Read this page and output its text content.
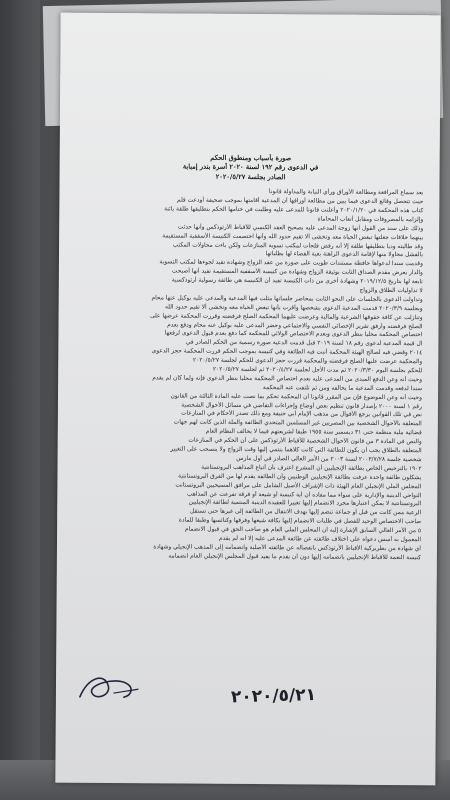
صورة بأسباب ومنطوق الحكم
في الدعوى رقم ١٩٢ لسنة ٢٠٢٠ أسرة بندر إمبابة
الصادر بجلسة ٢٠٢٠/٥/٢٧
بعد سماع المرافعة ومطالعة الأوراق ورأي النيابة والمداولة قانوناً
حيث تتحصل وقائع الدعوى فيما يبين من مطالعة أوراقها أن المدعية أقامتها بموجب صحيفة أودعت قلم
كتاب هذه المحكمة في ٢٠٢٠/١/٢٠ وأعلنت قانوناً للمدعى عليه وطلبت في ختامها الحكم بتطليقها طلقة بائنة
وإلزامه بالمصروفات ومقابل أتعاب المحاماة
وذلك على سند من القول أنها زوجة المدعى عليه بصحيح العقد الكنسي للأقباط الأرثوذكس وأنها حدثت
بينهما خلافات جعلتها تبغض الحياة معه وتخشى ألا تقيم حدود الله وأنها اختصمت الكنيسة الأسقفية المستقيمة
وقد طالبته وديا بتطليقها طلقة إلا أنه رفض فلجأت لمكتب تسوية المنازعات ولكن باءت محاولات المكتب
بالفشل محاولا منها لإقامة الدعوى الراهنة بغية القضاء لها بطلباتها
وقدمت سندا لدعواها حافظة مستندات طويت على صورة من عقد الزواج وشهادة تفيد لجوءها لمكتب التسوية
والدار يعرض مقدم الصداق الثابت بوثيقة الزواج وشهادة من كنيسة الأسقفية المستقيمة تفيد أنها أصبحت
تابعة لها بتاريخ ٢٠١٩/١٢/٥ وشهادة أخرى من ذات الكنيسة تفيد أن الكنيسة هي طائفة رسولية أرثوذكسية
لا تداوليات الطلاق والزواج
وتداولت الدعوى بالجلسات على النحو الثابت بمحاضر جلساتها مثلت فيها المدعية والمدعى عليه بوكيل عنها محام
وبجلسة ٢٠٢٠/٣/٩ قدمت المدعية الدعوى بشخصها وأقرت بأنها تبغض الحياة معه وتخشى ألا تقيم حدود الله
وتنازلت عن كافة حقوقها الشرعية والمالية وعرضت عليهما المحكمة الصلح فرفضته وقررت المحكمة عرضها على
الصلح فرفضته وأرفق تقرير الإخصائي النفسي والاجتماعي وحضر المدعى عليه بوكيل عنه محام ودفع بعدم
اختصاص المحكمة محليا بنظر الدعوى وبعدم الاختصاص الولائي للمحكمة كما دفع بعدم قبول الدعوى لرفعها
ال قيمة المدعية لدعوى رقم ١٨ لسنة ٢٠١٩ قبل قدمت الدعية صورة رسمية من الحكم الصادر في
٢٠١٤ وقضي فيه لصالح الهيئة المحكمة أنبت فيه الطائفة وفي كنيسة بموجب الحكم قررت المحكمة حجز الدعوى
والمحكمة عرضت عليها الصلح فرفضته والمحكمة قررت حجز الدعوى للحكم لجلسة ٢٠٢٠/٥/٢٧
للحكم بجلسة اليوم ٢٠٢٠/٣/٣٠ ثم مدت الأجل لجلسة ٢٠٢٠/٤/٢٧ ثم لجلسة ٢٠٢٠/٥/٢٧
وحيث أنه وعن الدفع المبدى من المدعى عليه بعدم اختصاص المحكمة محليا بنظر الدعوى فإنه ولما كان لم يقدم
سندا لدفعه وقدمت المدعية ما يخالفه ومن ثم تلتفت عنه المحكمة
وحيث أنه وعن الموضوع فإن من المقرر قانونا أن المحكمة تحكم بما نصت عليه المادة الثالثة من القانون
رقم ١ لسنة ٢٠٠٠ بإصدار قانون تنظيم بعض أوضاع وإجراءات التقاضي في مسائل الأحوال الشخصية
نص في تلك القوانين يرجع الأقوال من مذهب الإمام أبي حنيفة ومع ذلك تصدر الأحكام في المنازعات
المتعلقة بالأحوال الشخصية بين المصريين غير المسلمين المتحدي الطائفة والملة الذين كانت لهم جهات
قضائية ملية منظمة حتى ٣١ ديسمبر سنة ١٩٥٥ طبقا لشريعتهم فيما لا يخالف النظام العام
والنص في المادة ٣ من قانون الأحوال الشخصية للأقباط الأرثوذكس على أن الحكم في المنازعات
المتعلقة بالطلاق يجب أن يكون للطائفة التي كانت كلاهما ينتمي إليها وقت الزواج ولا ينسحب على التغيير
شخصية جلسة ٢٠٠٣/٧/٢٨ لسنة ٢٠٠٣ من الأمر العالي الصادر في أول مارس
١٩٠٢ بالترخيص الخاص بطائفة الإنجيليين أن المشرع اعترف بأن أتباع المذاهب البروتستانتية
يشكلون طائفة واحدة عرفت بطائفة الإنجيليين الوطنيين وأن الطائفة يقدم لها من الفرق البروتستانتية
المجلس الملي الإنجيلي العام الهيئة ذات الإشراف الأصيل الشامل على مرافق المسيحيين البروتستانت
النواحي الدينية والإدارية على سواء مما مفاده أن أية كنيسة أو شيعة أو فرقة تفرعت عن المذاهب
البروتستانتية لا يمكن اعتبارها مجرد الانضمام إليها تغييرا للعقيدة الدينية المنتمية لطائفة الإنجيليين
الرعية ممن كانت من قبل أو جماعة تنضم إليها بهدف الانتقال من الطائفة إلى غيرها حتى تستقل
صاحب الاختصاص الوحيد للفصل في طلبات الانضمام إليها بكافة شيعها وفرقها وكنائسها وطبقا للمادة
٥ من الأمر العالي السابق الإشارة إليه أن المجلس الملي العام هو صاحب الحق في قبول الانضمام
المعمول به أسس دعواه على اختلاف طائفته عن طائفة المدعى عليه إلا أنه لم يقدم
أي شهادة من بطريركية الأقباط الأرثوذكس بانفصاله عن طائفته الأصلية وانضمامه إلى المذهب الإنجيلي وشهادة
كنيسة النعمة للأقباط الإنجيليين بانضمامه إليها دون أن يقدم ما يفيد قبول المجلس الإنجيلي العام انضمامه
٢٠٢٠/٥/٢١
